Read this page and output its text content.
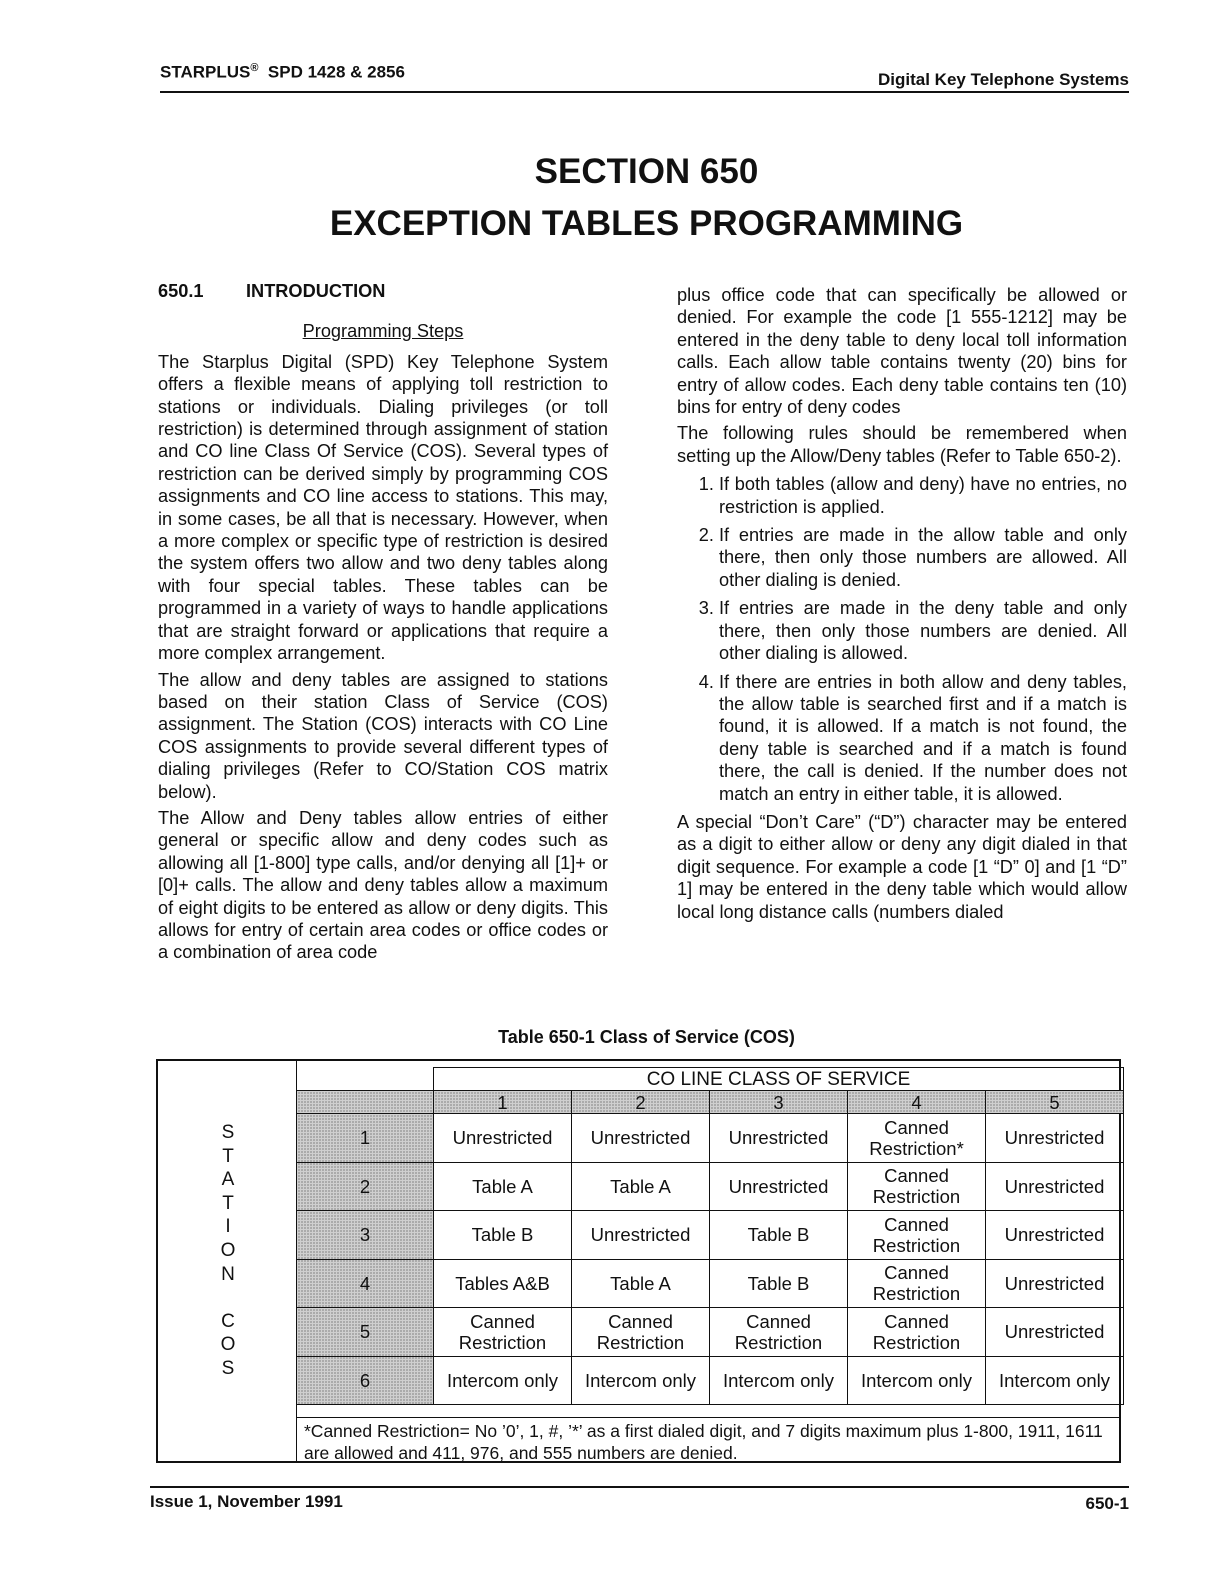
STARPLUS® SPD 1428 & 2856	Digital Key Telephone Systems
SECTION 650
EXCEPTION TABLES PROGRAMMING

650.1	INTRODUCTION

Programming Steps

The Starplus Digital (SPD) Key Telephone System offers a flexible means of applying toll restriction to stations or individuals. Dialing privileges (or toll restriction) is determined through assignment of station and CO line Class Of Service (COS). Several types of restriction can be derived simply by programming COS assignments and CO line access to stations. This may, in some cases, be all that is necessary. However, when a more complex or specific type of restriction is desired the system offers two allow and two deny tables along with four special tables. These tables can be programmed in a variety of ways to handle applications that are straight forward or applications that require a more complex arrangement.

The allow and deny tables are assigned to stations based on their station Class of Service (COS) assignment. The Station (COS) interacts with CO Line COS assignments to provide several different types of dialing privileges (Refer to CO/Station COS matrix below).

The Allow and Deny tables allow entries of either general or specific allow and deny codes such as allowing all [1-800] type calls, and/or denying all [1]+ or [0]+ calls. The allow and deny tables allow a maximum of eight digits to be entered as allow or deny digits. This allows for entry of certain area codes or office codes or a combination of area code

plus office code that can specifically be allowed or denied. For example the code [1 555-1212] may be entered in the deny table to deny local toll information calls. Each allow table contains twenty (20) bins for entry of allow codes. Each deny table contains ten (10) bins for entry of deny codes

The following rules should be remembered when setting up the Allow/Deny tables (Refer to Table 650-2).

1. If both tables (allow and deny) have no entries, no restriction is applied.
2. If entries are made in the allow table and only there, then only those numbers are allowed. All other dialing is denied.
3. If entries are made in the deny table and only there, then only those numbers are denied. All other dialing is allowed.
4. If there are entries in both allow and deny tables, the allow table is searched first and if a match is found, it is allowed. If a match is not found, the deny table is searched and if a match is found there, the call is denied. If the number does not match an entry in either table, it is allowed.

A special “Don’t Care” (“D”) character may be entered as a digit to either allow or deny any digit dialed in that digit sequence. For example a code [1 “D” 0] and [1 “D” 1] may be entered in the deny table which would allow local long distance calls (numbers dialed

Table 650-1 Class of Service (COS)
S
T
A
T
I
O
N
C
O
S
	CO LINE CLASS OF SERVICE				
	1	2	3	4	5
1	Unrestricted	Unrestricted	Unrestricted	Canned Restriction*	Unrestricted
2	Table A	Table A	Unrestricted	Canned Restriction	Unrestricted
3	Table B	Unrestricted	Table B	Canned Restriction	Unrestricted
4	Tables A&B	Table A	Table B	Canned Restriction	Unrestricted
5	Canned Restriction	Canned Restriction	Canned Restriction	Canned Restriction	Unrestricted
6	Intercom only	Intercom only	Intercom only	Intercom only	Intercom only
*Canned Restriction= No ’0’, 1, #, ’*’ as a first dialed digit, and 7 digits maximum plus 1-800, 1911, 1611 are allowed and 411, 976, and 555 numbers are denied.
Issue 1, November 1991	650-1
